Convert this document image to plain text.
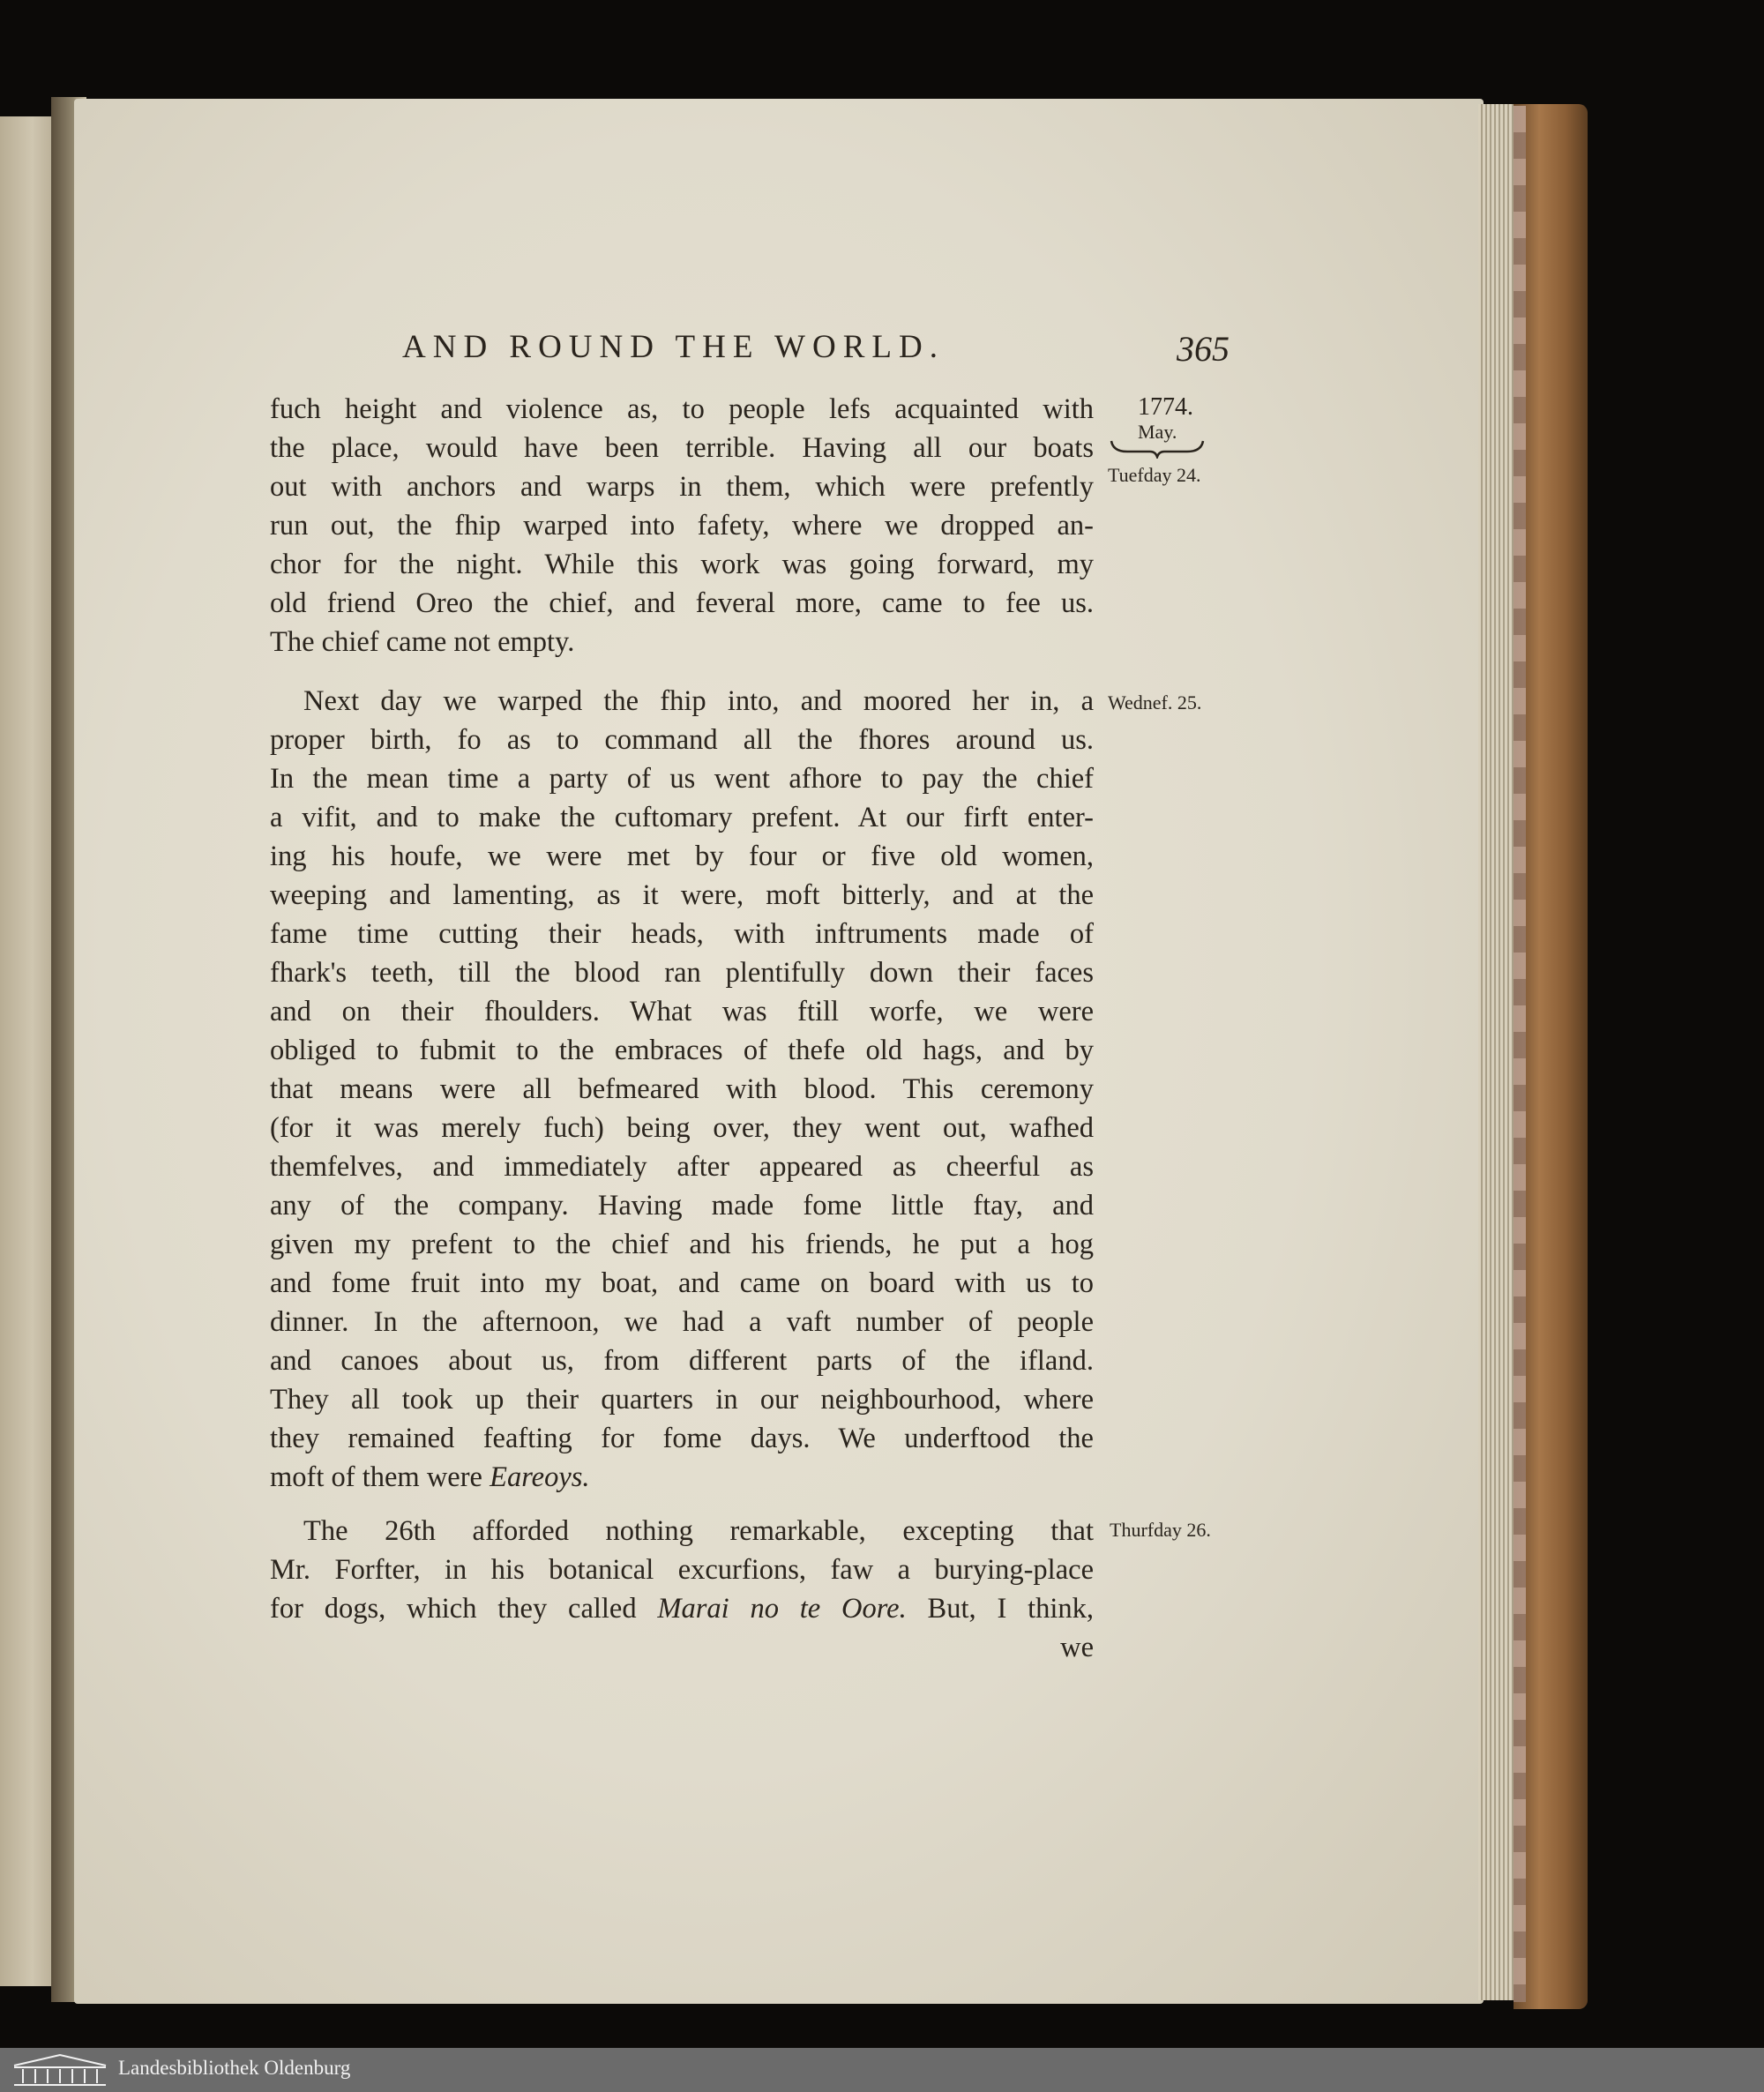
AND ROUND THE WORLD.	365
1774.
May.
Tuefday 24.
Wednef. 25.
Thurfday 26.
fuch height and violence as, to people lefs acquainted with
the place, would have been terrible. Having all our boats
out with anchors and warps in them, which were prefently
run out, the fhip warped into fafety, where we dropped an-
chor for the night. While this work was going forward, my
old friend Oreo the chief, and feveral more, came to fee us.
The chief came not empty.
Next day we warped the fhip into, and moored her in, a
proper birth, fo as to command all the fhores around us.
In the mean time a party of us went afhore to pay the chief
a vifit, and to make the cuftomary prefent. At our firft enter-
ing his houfe, we were met by four or five old women,
weeping and lamenting, as it were, moft bitterly, and at the
fame time cutting their heads, with inftruments made of
fhark's teeth, till the blood ran plentifully down their faces
and on their fhoulders. What was ftill worfe, we were
obliged to fubmit to the embraces of thefe old hags, and by
that means were all befmeared with blood. This ceremony
(for it was merely fuch) being over, they went out, wafhed
themfelves, and immediately after appeared as cheerful as
any of the company. Having made fome little ftay, and
given my prefent to the chief and his friends, he put a hog
and fome fruit into my boat, and came on board with us to
dinner. In the afternoon, we had a vaft number of people
and canoes about us, from different parts of the ifland.
They all took up their quarters in our neighbourhood, where
they remained feafting for fome days. We underftood the
moft of them were Eareoys.
The 26th afforded nothing remarkable, excepting that
Mr. Forfter, in his botanical excurfions, faw a burying-place
for dogs, which they called Marai no te Oore. But, I think,
we
Landesbibliothek Oldenburg
